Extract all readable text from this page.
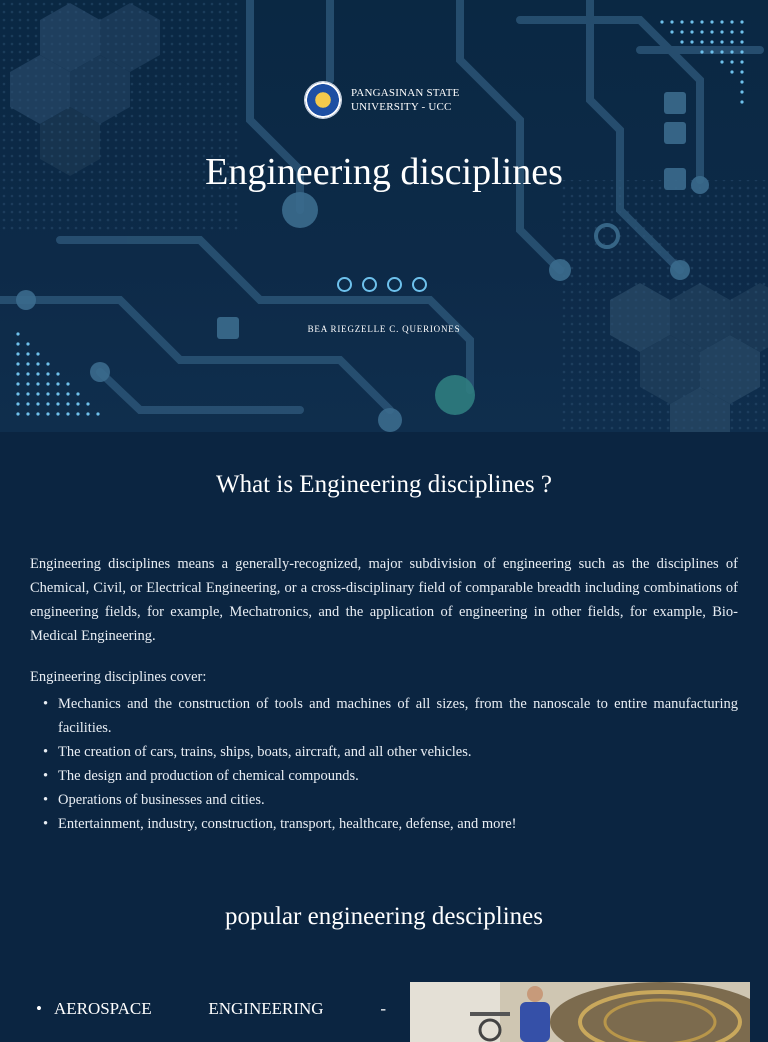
PANGASINAN STATE
UNIVERSITY - UCC
Engineering disciplines
BEA RIEGZELLE C. QUERIONES
What is Engineering disciplines ?
Engineering disciplines means a generally-recognized, major subdivision of engineering such as the disciplines of Chemical, Civil, or Electrical Engineering, or a cross-disciplinary field of comparable breadth including combinations of engineering fields, for example, Mechatronics, and the application of engineering in other fields, for example, Bio-Medical Engineering.
Engineering disciplines cover:
• Mechanics and the construction of tools and machines of all sizes, from the nanoscale to entire manufacturing facilities.
• The creation of cars, trains, ships, boats, aircraft, and all other vehicles.
• The design and production of chemical compounds.
• Operations of businesses and cities.
• Entertainment, industry, construction, transport, healthcare, defense, and more!
popular engineering desciplines
• AEROSPACE	ENGINEERING	-
